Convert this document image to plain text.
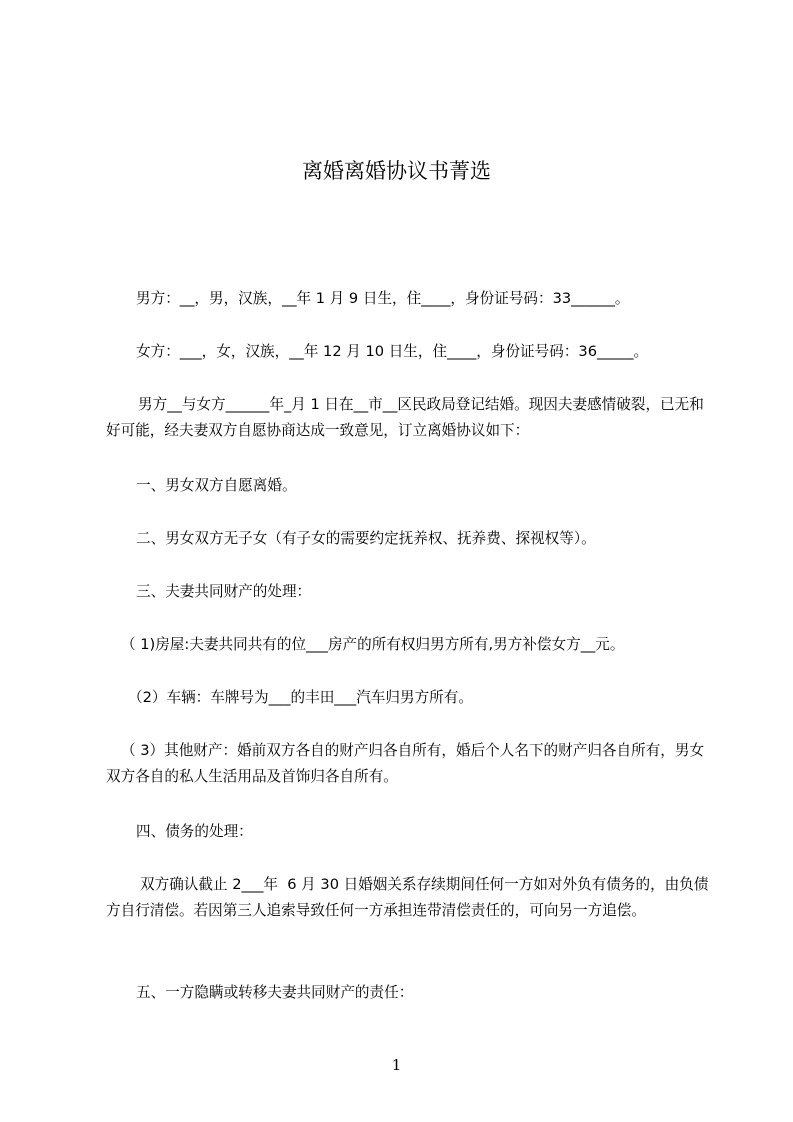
离婚离婚协议书菁选

男方：__，男，汉族，__年 1 月 9 日生，住____，身份证号码：33______。

女方：___，女，汉族，__年 12 月 10 日生，住____，身份证号码：36_____。

男方__与女方______年_月 1 日在__市__区民政局登记结婚。现因夫妻感情破裂，已无和好可能，经夫妻双方自愿协商达成一致意见，订立离婚协议如下：

一、男女双方自愿离婚。

二、男女双方无子女（有子女的需要约定抚养权、抚养费、探视权等）。

三、夫妻共同财产的处理：

（ 1)房屋:夫妻共同共有的位___房产的所有权归男方所有,男方补偿女方__元。

（2）车辆：车牌号为___的丰田___汽车归男方所有。

（ 3）其他财产：婚前双方各自的财产归各自所有，婚后个人名下的财产归各自所有，男女双方各自的私人生活用品及首饰归各自所有。

四、债务的处理：

双方确认截止 2___年  6 月 30 日婚姻关系存续期间任何一方如对外负有债务的，由负债方自行清偿。若因第三人追索导致任何一方承担连带清偿责任的，可向另一方追偿。

五、一方隐瞒或转移夫妻共同财产的责任：

1
